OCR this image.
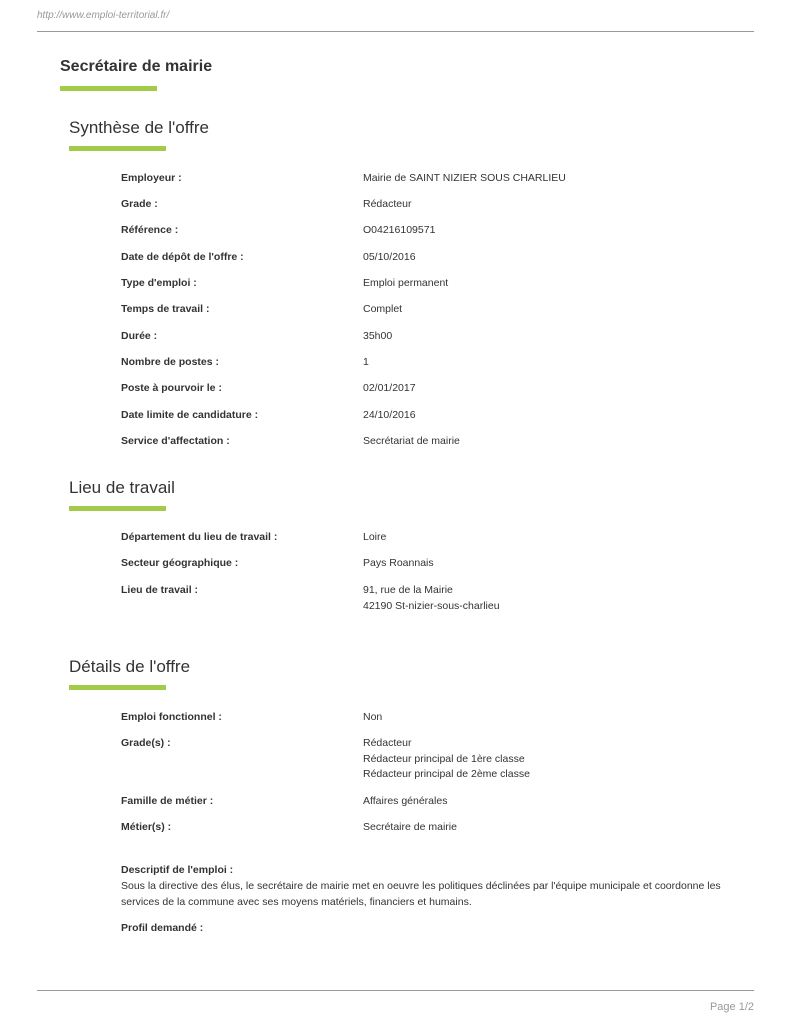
http://www.emploi-territorial.fr/
Secrétaire de mairie
Synthèse de l'offre
Employeur :	Mairie de SAINT NIZIER SOUS CHARLIEU
Grade :	Rédacteur
Référence :	O04216109571
Date de dépôt de l'offre :	05/10/2016
Type d'emploi :	Emploi permanent
Temps de travail :	Complet
Durée :	35h00
Nombre de postes :	1
Poste à pourvoir le :	02/01/2017
Date limite de candidature :	24/10/2016
Service d'affectation :	Secrétariat de mairie
Lieu de travail
Département du lieu de travail :	Loire
Secteur géographique :	Pays Roannais
Lieu de travail :	91, rue de la Mairie
42190 St-nizier-sous-charlieu
Détails de l'offre
Emploi fonctionnel :	Non
Grade(s) :	Rédacteur
Rédacteur principal de 1ère classe
Rédacteur principal de 2ème classe
Famille de métier :	Affaires générales
Métier(s) :	Secrétaire de mairie
Descriptif de l'emploi :
Sous la directive des élus, le secrétaire de mairie met en oeuvre les politiques déclinées par l'équipe municipale et coordonne les services de la commune avec ses moyens matériels, financiers et humains.
Profil demandé :
Page 1/2
